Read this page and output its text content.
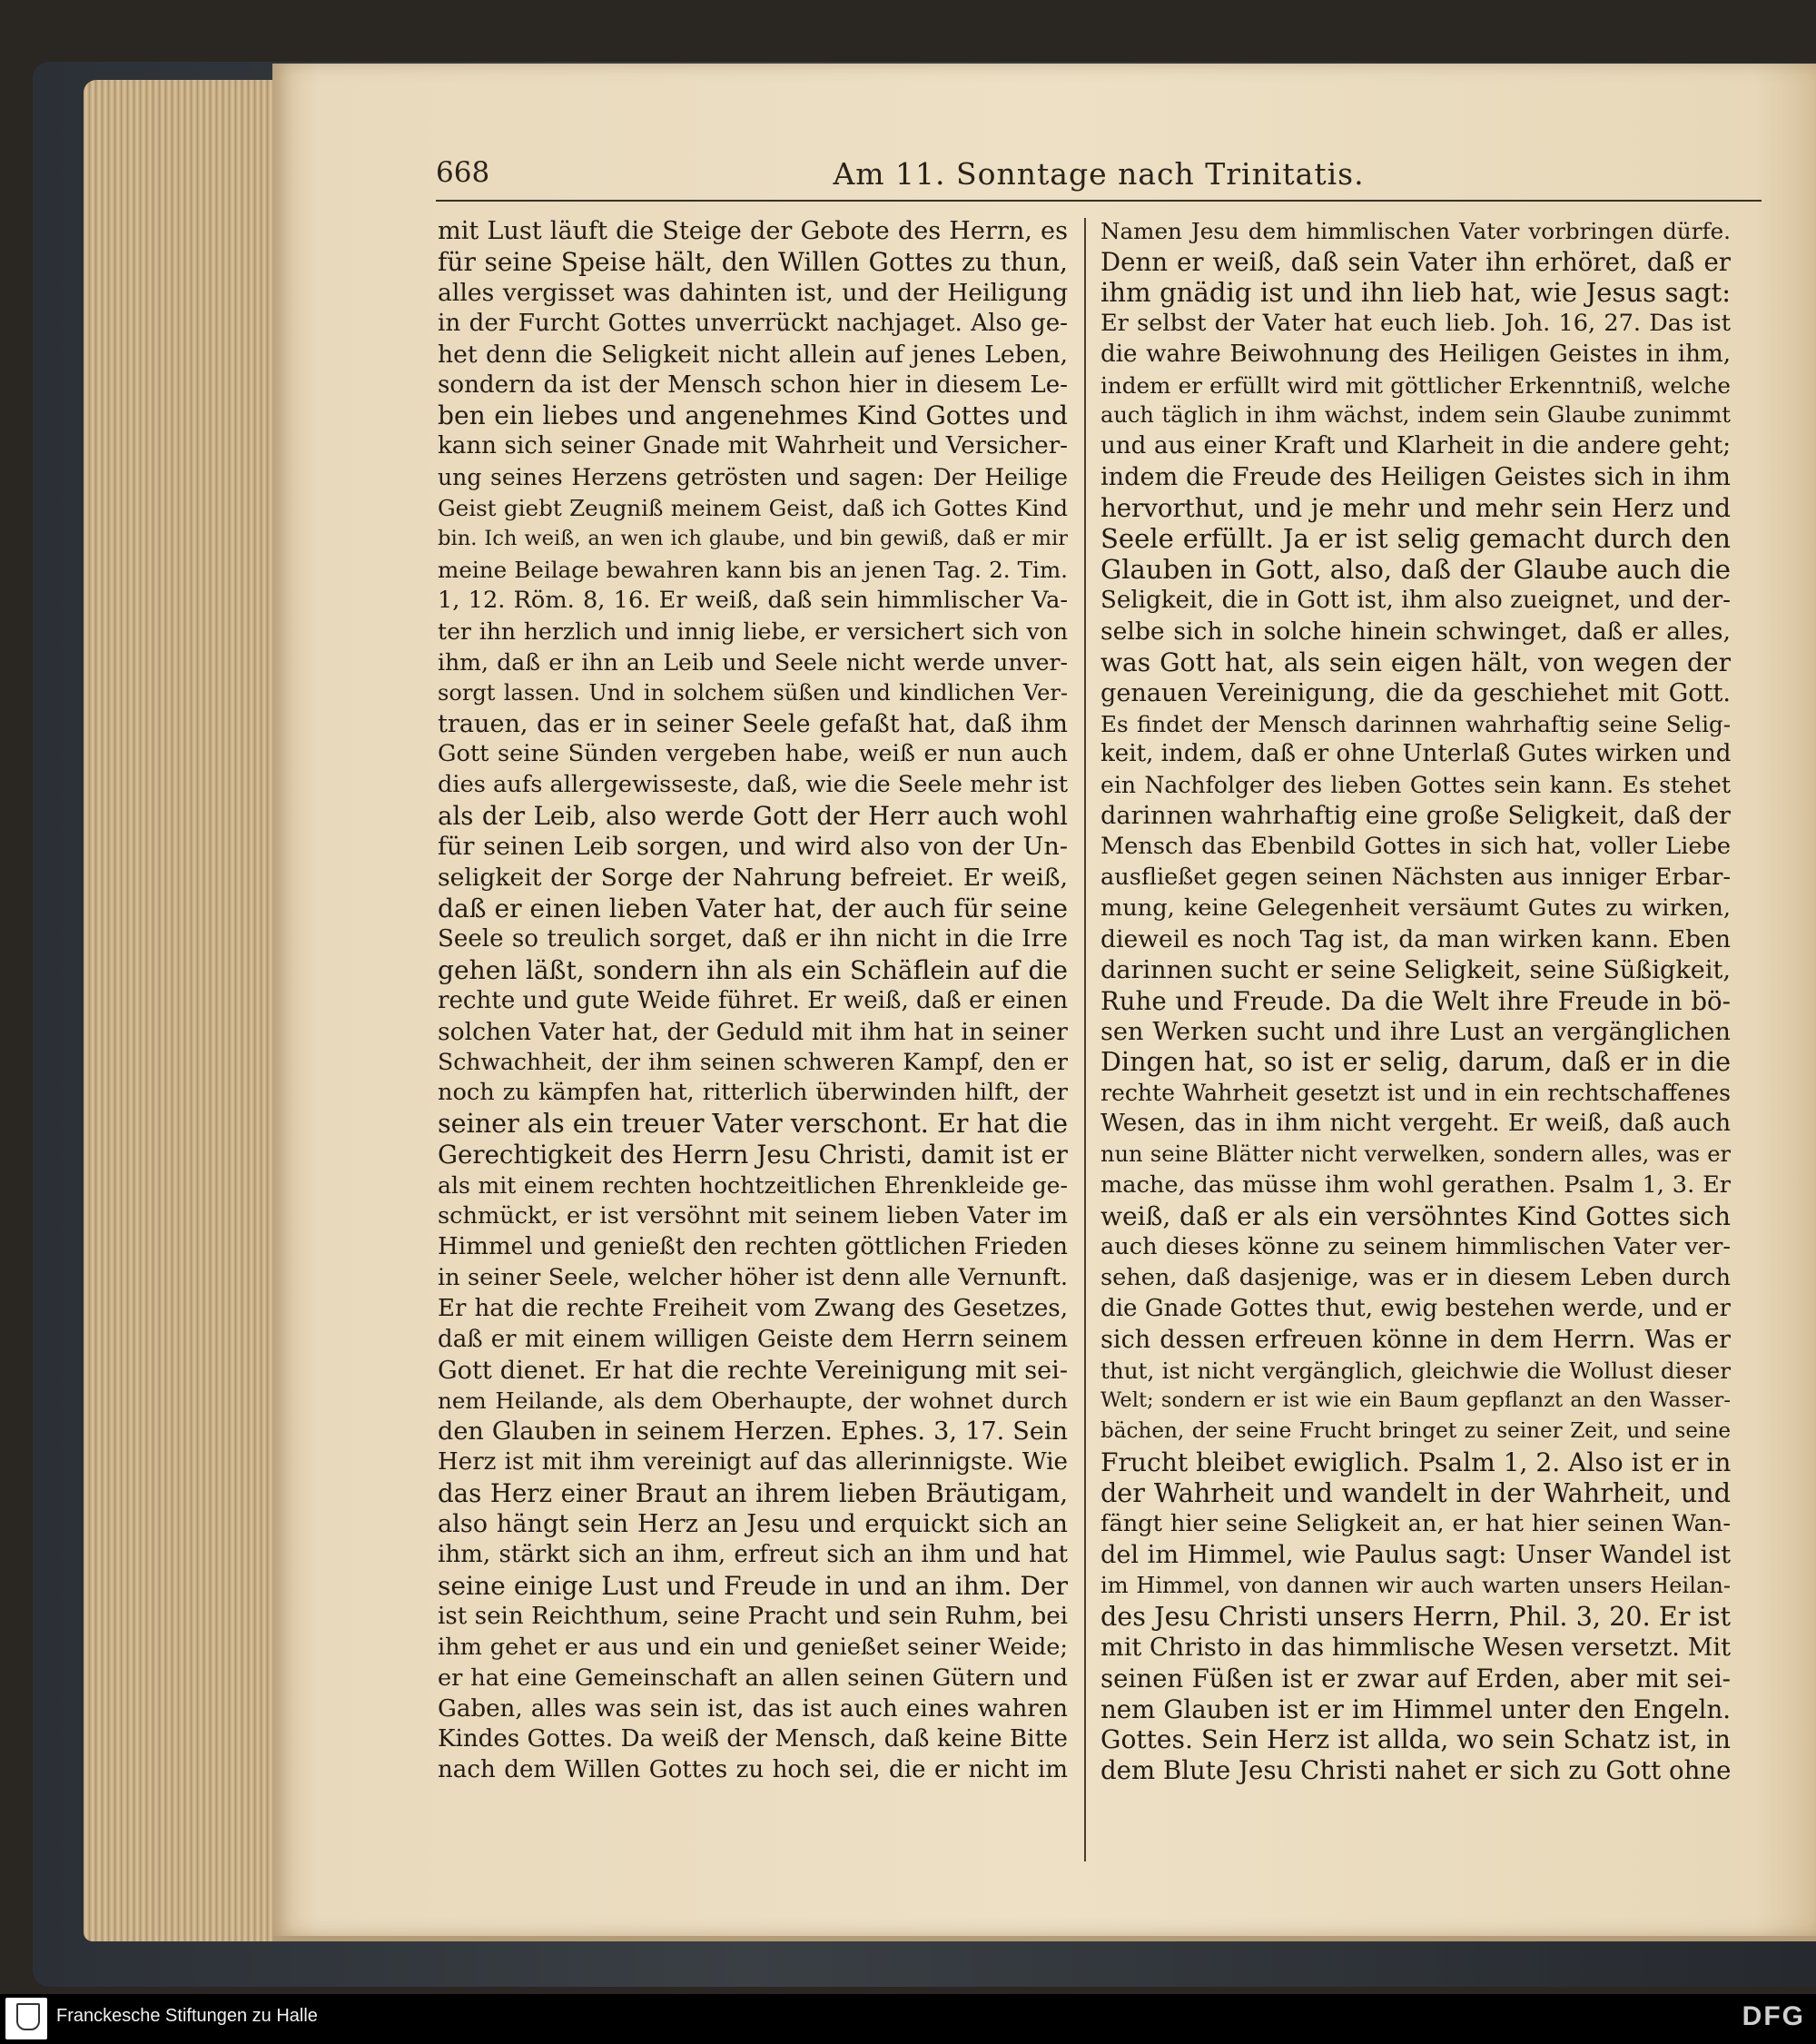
668	Am 11. Sonntage nach Trinitatis.
mit Lust läuft die Steige der Gebote des Herrn, es
für seine Speise hält, den Willen Gottes zu thun,
alles vergisset was dahinten ist, und der Heiligung
in der Furcht Gottes unverrückt nachjaget. Also ge-
het denn die Seligkeit nicht allein auf jenes Leben,
sondern da ist der Mensch schon hier in diesem Le-
ben ein liebes und angenehmes Kind Gottes und
kann sich seiner Gnade mit Wahrheit und Versicher-
ung seines Herzens getrösten und sagen: Der Heilige
Geist giebt Zeugniß meinem Geist, daß ich Gottes Kind
bin. Ich weiß, an wen ich glaube, und bin gewiß, daß er mir
meine Beilage bewahren kann bis an jenen Tag. 2. Tim.
1, 12. Röm. 8, 16. Er weiß, daß sein himmlischer Va-
ter ihn herzlich und innig liebe, er versichert sich von
ihm, daß er ihn an Leib und Seele nicht werde unver-
sorgt lassen. Und in solchem süßen und kindlichen Ver-
trauen, das er in seiner Seele gefaßt hat, daß ihm
Gott seine Sünden vergeben habe, weiß er nun auch
dies aufs allergewisseste, daß, wie die Seele mehr ist
als der Leib, also werde Gott der Herr auch wohl
für seinen Leib sorgen, und wird also von der Un-
seligkeit der Sorge der Nahrung befreiet. Er weiß,
daß er einen lieben Vater hat, der auch für seine
Seele so treulich sorget, daß er ihn nicht in die Irre
gehen läßt, sondern ihn als ein Schäflein auf die
rechte und gute Weide führet. Er weiß, daß er einen
solchen Vater hat, der Geduld mit ihm hat in seiner
Schwachheit, der ihm seinen schweren Kampf, den er
noch zu kämpfen hat, ritterlich überwinden hilft, der
seiner als ein treuer Vater verschont. Er hat die
Gerechtigkeit des Herrn Jesu Christi, damit ist er
als mit einem rechten hochtzeitlichen Ehrenkleide ge-
schmückt, er ist versöhnt mit seinem lieben Vater im
Himmel und genießt den rechten göttlichen Frieden
in seiner Seele, welcher höher ist denn alle Vernunft.
Er hat die rechte Freiheit vom Zwang des Gesetzes,
daß er mit einem willigen Geiste dem Herrn seinem
Gott dienet. Er hat die rechte Vereinigung mit sei-
nem Heilande, als dem Oberhaupte, der wohnet durch
den Glauben in seinem Herzen. Ephes. 3, 17. Sein
Herz ist mit ihm vereinigt auf das allerinnigste. Wie
das Herz einer Braut an ihrem lieben Bräutigam,
also hängt sein Herz an Jesu und erquickt sich an
ihm, stärkt sich an ihm, erfreut sich an ihm und hat
seine einige Lust und Freude in und an ihm. Der
ist sein Reichthum, seine Pracht und sein Ruhm, bei
ihm gehet er aus und ein und genießet seiner Weide;
er hat eine Gemeinschaft an allen seinen Gütern und
Gaben, alles was sein ist, das ist auch eines wahren
Kindes Gottes. Da weiß der Mensch, daß keine Bitte
nach dem Willen Gottes zu hoch sei, die er nicht im
Namen Jesu dem himmlischen Vater vorbringen dürfe.
Denn er weiß, daß sein Vater ihn erhöret, daß er
ihm gnädig ist und ihn lieb hat, wie Jesus sagt:
Er selbst der Vater hat euch lieb. Joh. 16, 27. Das ist
die wahre Beiwohnung des Heiligen Geistes in ihm,
indem er erfüllt wird mit göttlicher Erkenntniß, welche
auch täglich in ihm wächst, indem sein Glaube zunimmt
und aus einer Kraft und Klarheit in die andere geht;
indem die Freude des Heiligen Geistes sich in ihm
hervorthut, und je mehr und mehr sein Herz und
Seele erfüllt. Ja er ist selig gemacht durch den
Glauben in Gott, also, daß der Glaube auch die
Seligkeit, die in Gott ist, ihm also zueignet, und der-
selbe sich in solche hinein schwinget, daß er alles,
was Gott hat, als sein eigen hält, von wegen der
genauen Vereinigung, die da geschiehet mit Gott.
Es findet der Mensch darinnen wahrhaftig seine Selig-
keit, indem, daß er ohne Unterlaß Gutes wirken und
ein Nachfolger des lieben Gottes sein kann. Es stehet
darinnen wahrhaftig eine große Seligkeit, daß der
Mensch das Ebenbild Gottes in sich hat, voller Liebe
ausfließet gegen seinen Nächsten aus inniger Erbar-
mung, keine Gelegenheit versäumt Gutes zu wirken,
dieweil es noch Tag ist, da man wirken kann. Eben
darinnen sucht er seine Seligkeit, seine Süßigkeit,
Ruhe und Freude. Da die Welt ihre Freude in bö-
sen Werken sucht und ihre Lust an vergänglichen
Dingen hat, so ist er selig, darum, daß er in die
rechte Wahrheit gesetzt ist und in ein rechtschaffenes
Wesen, das in ihm nicht vergeht. Er weiß, daß auch
nun seine Blätter nicht verwelken, sondern alles, was er
mache, das müsse ihm wohl gerathen. Psalm 1, 3. Er
weiß, daß er als ein versöhntes Kind Gottes sich
auch dieses könne zu seinem himmlischen Vater ver-
sehen, daß dasjenige, was er in diesem Leben durch
die Gnade Gottes thut, ewig bestehen werde, und er
sich dessen erfreuen könne in dem Herrn. Was er
thut, ist nicht vergänglich, gleichwie die Wollust dieser
Welt; sondern er ist wie ein Baum gepflanzt an den Wasser-
bächen, der seine Frucht bringet zu seiner Zeit, und seine
Frucht bleibet ewiglich. Psalm 1, 2. Also ist er in
der Wahrheit und wandelt in der Wahrheit, und
fängt hier seine Seligkeit an, er hat hier seinen Wan-
del im Himmel, wie Paulus sagt: Unser Wandel ist
im Himmel, von dannen wir auch warten unsers Heilan-
des Jesu Christi unsers Herrn, Phil. 3, 20. Er ist
mit Christo in das himmlische Wesen versetzt. Mit
seinen Füßen ist er zwar auf Erden, aber mit sei-
nem Glauben ist er im Himmel unter den Engeln.
Gottes. Sein Herz ist allda, wo sein Schatz ist, in
dem Blute Jesu Christi nahet er sich zu Gott ohne
Franckesche Stiftungen zu Halle	DFG
